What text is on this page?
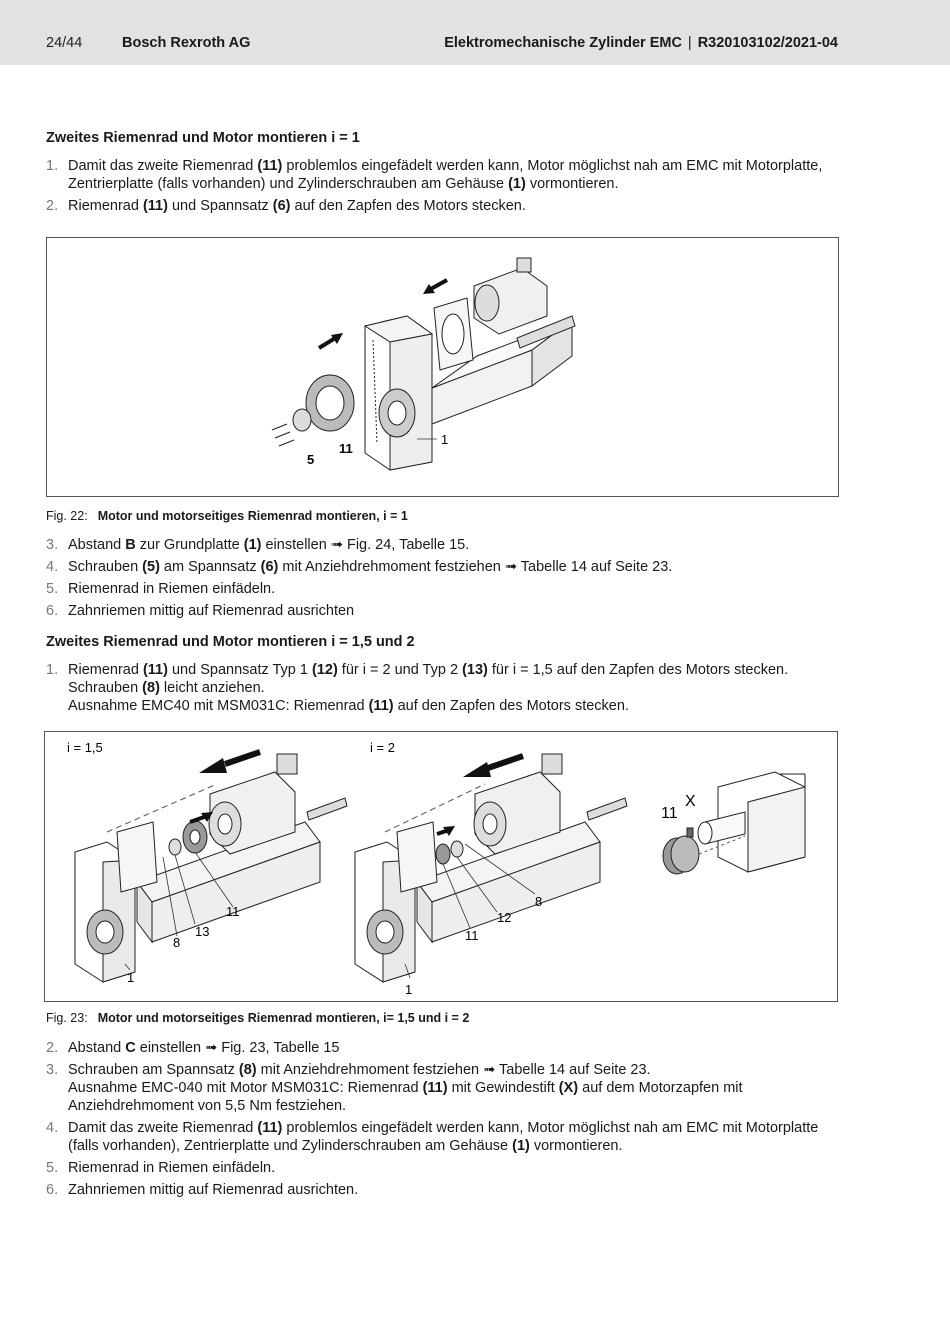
24/44	Bosch Rexroth AG	Elektromechanische Zylinder EMC | R320103102/2021-04
Zweites Riemenrad und Motor montieren i = 1
1. Damit das zweite Riemenrad (11) problemlos eingefädelt werden kann, Motor möglichst nah am EMC mit Motorplatte, Zentrierplatte (falls vorhanden) und Zylinderschrauben am Gehäuse (1) vormontieren.
2. Riemenrad (11) und Spannsatz (6) auf den Zapfen des Motors stecken.
1
5
11
Fig. 22: Motor und motorseitiges Riemenrad montieren, i = 1
3. Abstand B zur Grundplatte (1) einstellen ➟ Fig. 24, Tabelle 15.
4. Schrauben (5) am Spannsatz (6) mit Anziehdrehmoment festziehen ➟ Tabelle 14 auf Seite 23.
5. Riemenrad in Riemen einfädeln.
6. Zahnriemen mittig auf Riemenrad ausrichten
Zweites Riemenrad und Motor montieren i = 1,5 und 2
1. Riemenrad (11) und Spannsatz Typ 1 (12) für i = 2 und Typ 2 (13) für i = 1,5 auf den Zapfen des Motors stecken. Schrauben (8) leicht anziehen.
Ausnahme EMC40 mit MSM031C: Riemenrad (11) auf den Zapfen des Motors stecken.
i = 1,5	i = 2
11
13
8
1
8
12
11
1
11
X
Fig. 23: Motor und motorseitiges Riemenrad montieren, i= 1,5 und i = 2
2. Abstand C einstellen ➟ Fig. 23, Tabelle 15
3. Schrauben am Spannsatz (8) mit Anziehdrehmoment festziehen ➟ Tabelle 14 auf Seite 23.
Ausnahme EMC-040 mit Motor MSM031C: Riemenrad (11) mit Gewindestift (X) auf dem Motorzapfen mit Anziehdrehmoment von 5,5 Nm festziehen.
4. Damit das zweite Riemenrad (11) problemlos eingefädelt werden kann, Motor möglichst nah am EMC mit Motorplatte (falls vorhanden), Zentrierplatte und Zylinderschrauben am Gehäuse (1) vormontieren.
5. Riemenrad in Riemen einfädeln.
6. Zahnriemen mittig auf Riemenrad ausrichten.
